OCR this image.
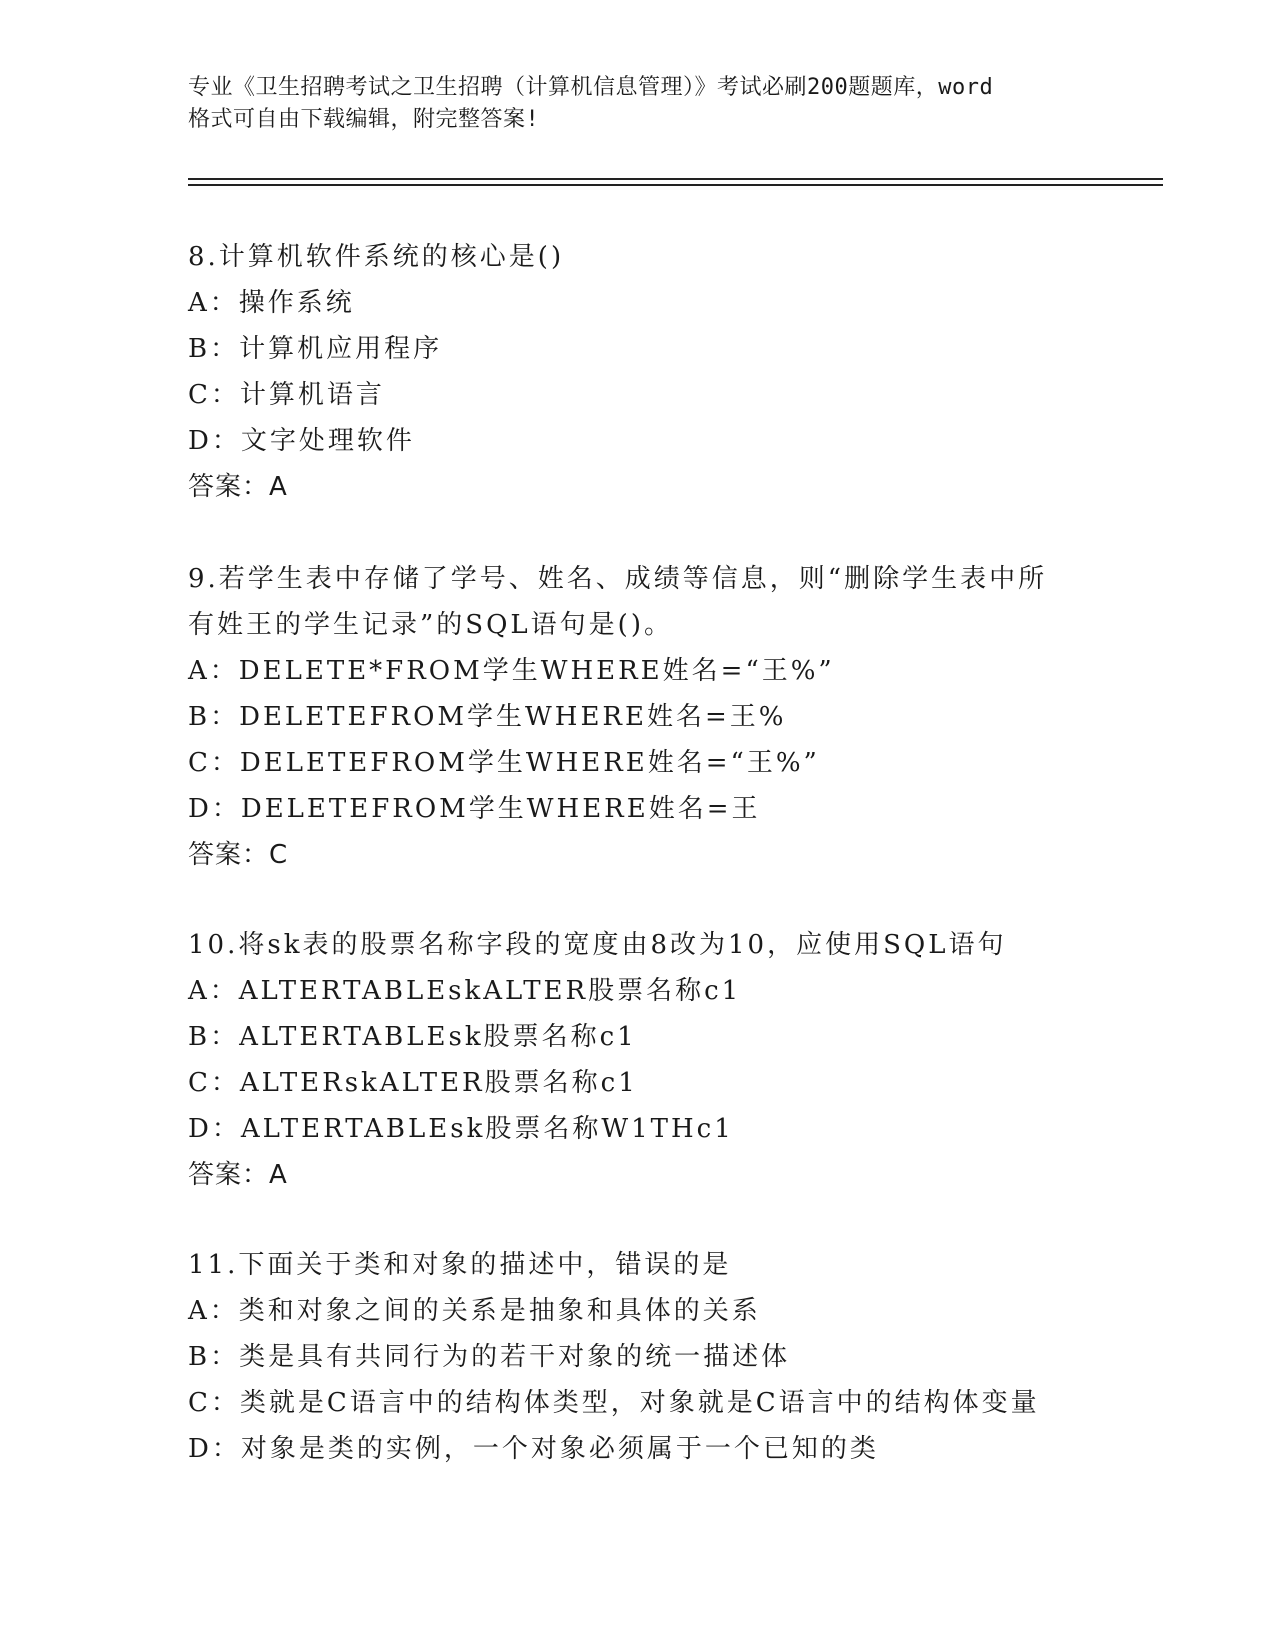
专业《卫生招聘考试之卫生招聘（计算机信息管理）》考试必刷200题题库，word
格式可自由下载编辑，附完整答案!
8.计算机软件系统的核心是()
A：操作系统
B：计算机应用程序
C：计算机语言
D：文字处理软件
答案：A
9.若学生表中存储了学号、姓名、成绩等信息，则“删除学生表中所
有姓王的学生记录”的SQL语句是()。
A：DELETE*FROM学生WHERE姓名=“王%”
B：DELETEFROM学生WHERE姓名=王%
C：DELETEFROM学生WHERE姓名=“王%”
D：DELETEFROM学生WHERE姓名=王
答案：C
10.将sk表的股票名称字段的宽度由8改为10，应使用SQL语句
A：ALTERTABLEskALTER股票名称c1
B：ALTERTABLEsk股票名称c1
C：ALTERskALTER股票名称c1
D：ALTERTABLEsk股票名称W1THc1
答案：A
11.下面关于类和对象的描述中，错误的是
A：类和对象之间的关系是抽象和具体的关系
B：类是具有共同行为的若干对象的统一描述体
C：类就是C语言中的结构体类型，对象就是C语言中的结构体变量
D：对象是类的实例，一个对象必须属于一个已知的类
